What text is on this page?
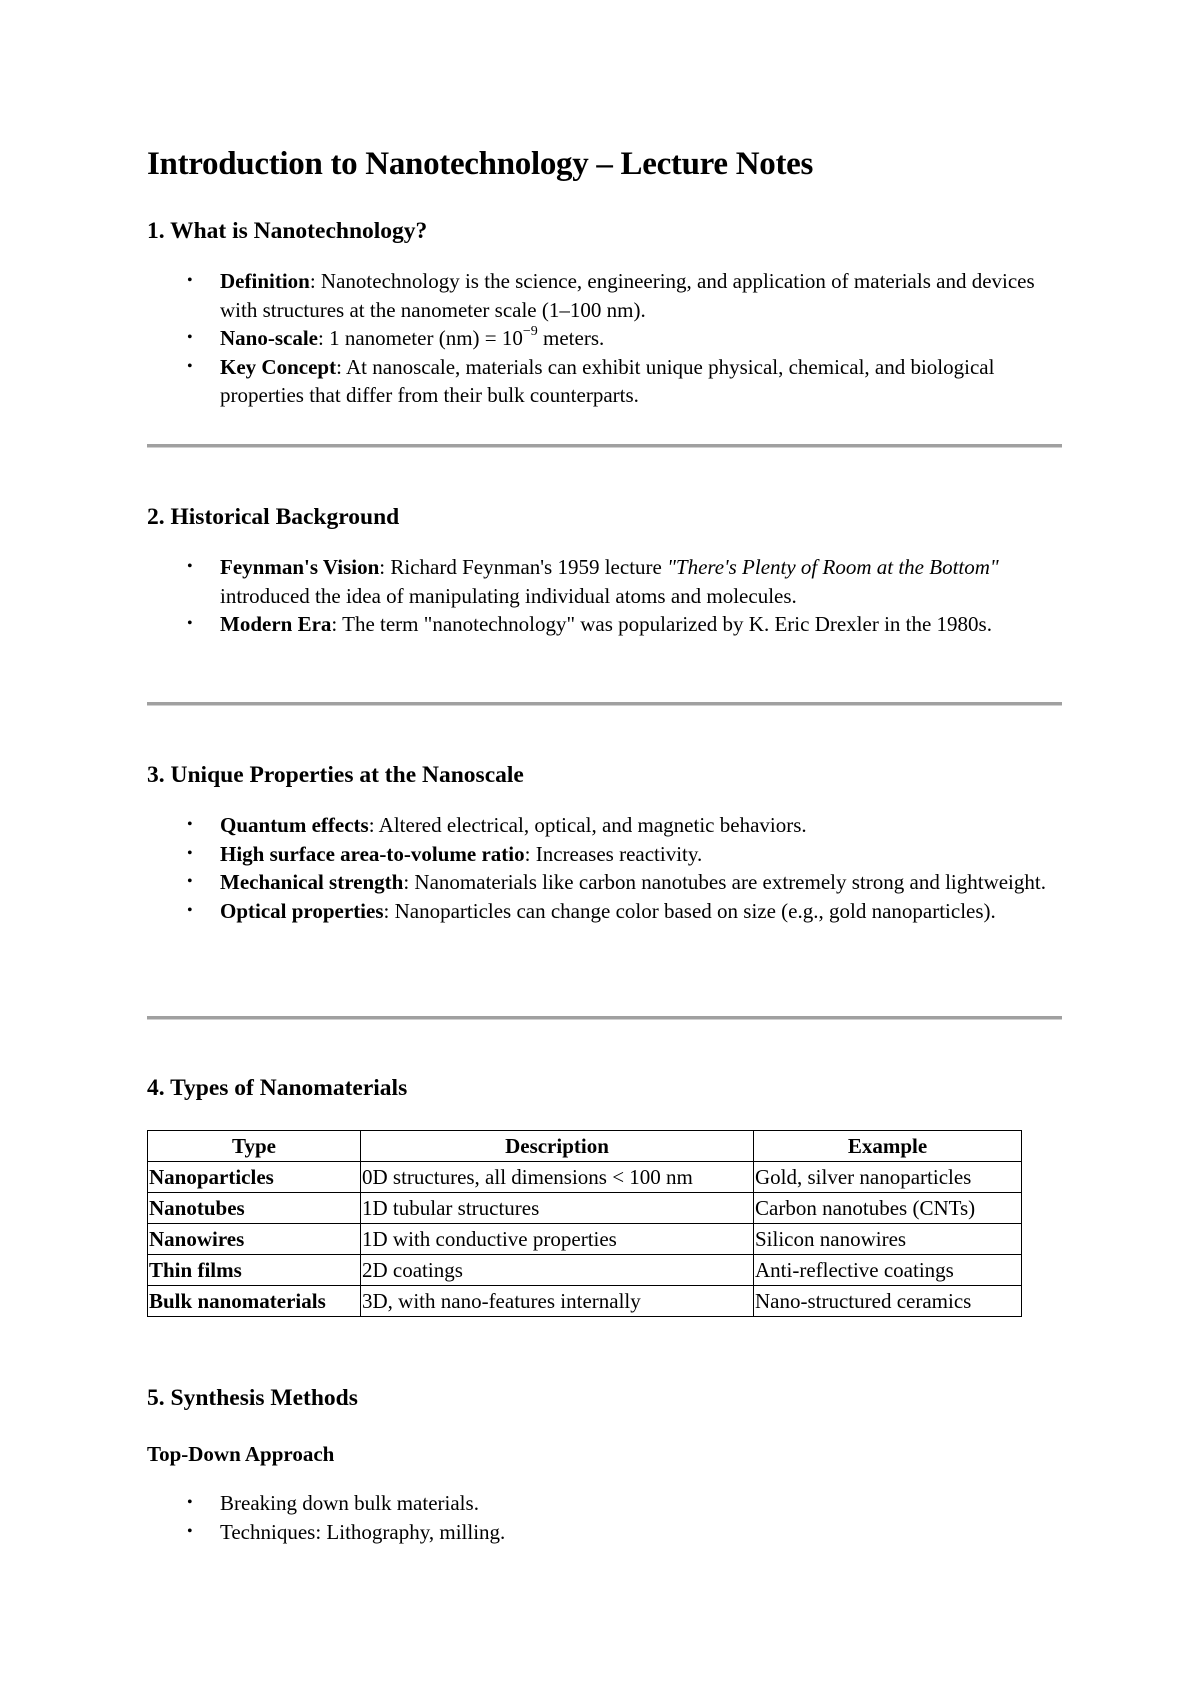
Introduction to Nanotechnology – Lecture Notes
1. What is Nanotechnology?
• Definition: Nanotechnology is the science, engineering, and application of materials and devices with structures at the nanometer scale (1–100 nm).
• Nano-scale: 1 nanometer $(nm) = 10^{-9}$ meters.
• Key Concept: At nanoscale, materials can exhibit unique physical, chemical, and biological properties that differ from their bulk counterparts.
2. Historical Background
• Feynman's Vision: Richard Feynman's 1959 lecture "There's Plenty of Room at the Bottom" introduced the idea of manipulating individual atoms and molecules.
• Modern Era: The term "nanotechnology" was popularized by K. Eric Drexler in the 1980s.
3. Unique Properties at the Nanoscale
• Quantum effects: Altered electrical, optical, and magnetic behaviors.
• High surface area-to-volume ratio: Increases reactivity.
• Mechanical strength: Nanomaterials like carbon nanotubes are extremely strong and lightweight.
• Optical properties: Nanoparticles can change color based on size (e.g., gold nanoparticles).
4. Types of Nanomaterials
Type	Description	Example
Nanoparticles	0D structures, all dimensions < 100 nm	Gold, silver nanoparticles
Nanotubes	1D tubular structures	Carbon nanotubes (CNTs)
Nanowires	1D with conductive properties	Silicon nanowires
Thin films	2D coatings	Anti-reflective coatings
Bulk nanomaterials	3D, with nano-features internally	Nano-structured ceramics
5. Synthesis Methods
Top-Down Approach
• Breaking down bulk materials.
• Techniques: Lithography, milling.
